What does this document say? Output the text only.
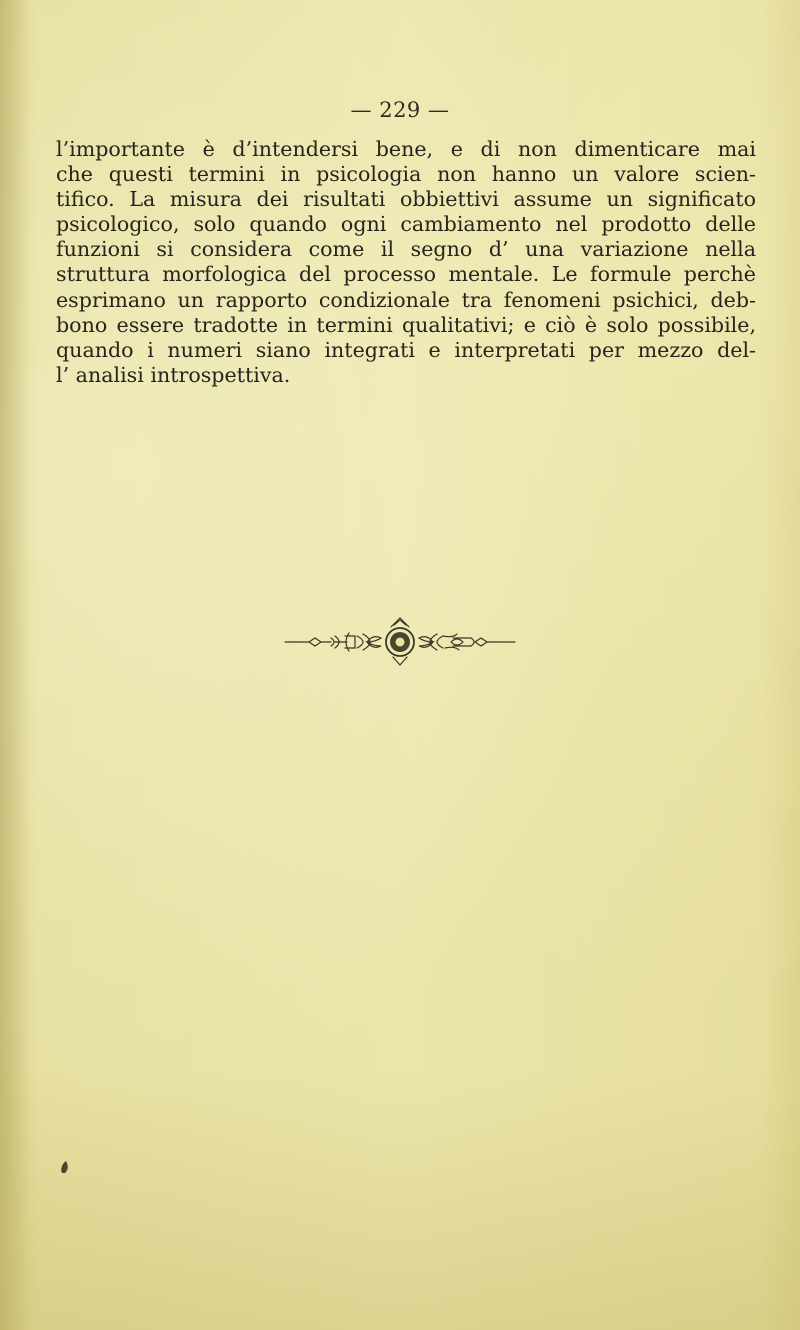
— 229 —

l’importante è d’intendersi bene, e di non dimenticare mai
che questi termini in psicologia non hanno un valore scien-
tifico. La misura dei risultati obbiettivi assume un significato
psicologico, solo quando ogni cambiamento nel prodotto delle
funzioni si considera come il segno d’ una variazione nella
struttura morfologica del processo mentale. Le formule perchè
esprimano un rapporto condizionale tra fenomeni psichici, deb-
bono essere tradotte in termini qualitativi; e ciò è solo possibile,
quando i numeri siano integrati e interpretati per mezzo del-
l’ analisi introspettiva.
